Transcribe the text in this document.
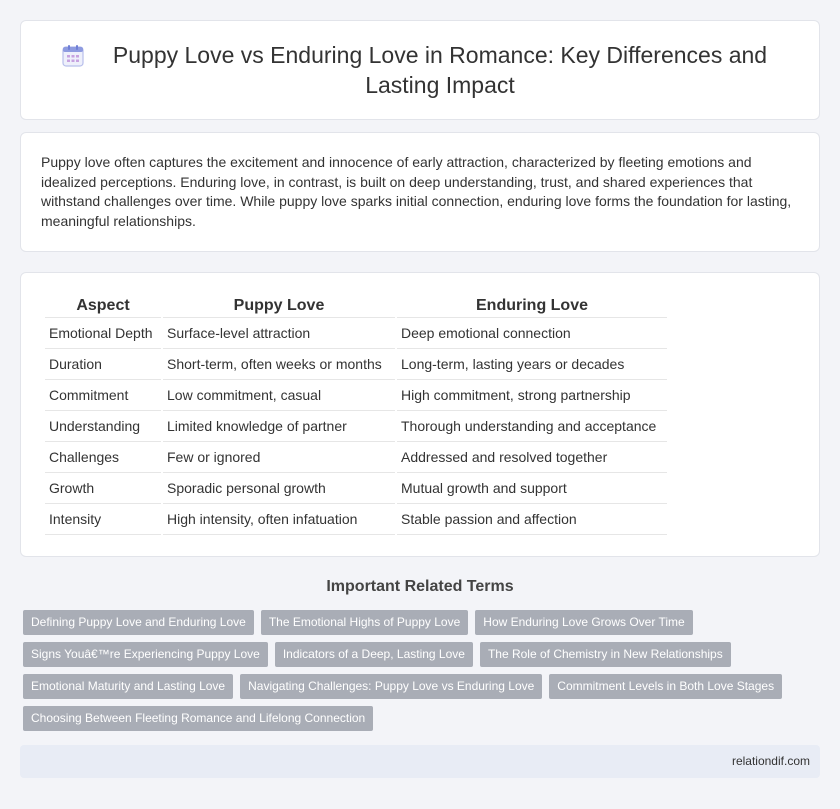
Puppy Love vs Enduring Love in Romance: Key Differences and Lasting Impact

Puppy love often captures the excitement and innocence of early attraction, characterized by fleeting emotions and idealized perceptions. Enduring love, in contrast, is built on deep understanding, trust, and shared experiences that withstand challenges over time. While puppy love sparks initial connection, enduring love forms the foundation for lasting, meaningful relationships.

Aspect	Puppy Love	Enduring Love
Emotional Depth	Surface-level attraction	Deep emotional connection
Duration	Short-term, often weeks or months	Long-term, lasting years or decades
Commitment	Low commitment, casual	High commitment, strong partnership
Understanding	Limited knowledge of partner	Thorough understanding and acceptance
Challenges	Few or ignored	Addressed and resolved together
Growth	Sporadic personal growth	Mutual growth and support
Intensity	High intensity, often infatuation	Stable passion and affection
Important Related Terms
Defining Puppy Love and Enduring Love	The Emotional Highs of Puppy Love	How Enduring Love Grows Over Time
Signs Youâ€™re Experiencing Puppy Love	Indicators of a Deep, Lasting Love	The Role of Chemistry in New Relationships
Emotional Maturity and Lasting Love	Navigating Challenges: Puppy Love vs Enduring Love	Commitment Levels in Both Love Stages
Choosing Between Fleeting Romance and Lifelong Connection
relationdif.com
